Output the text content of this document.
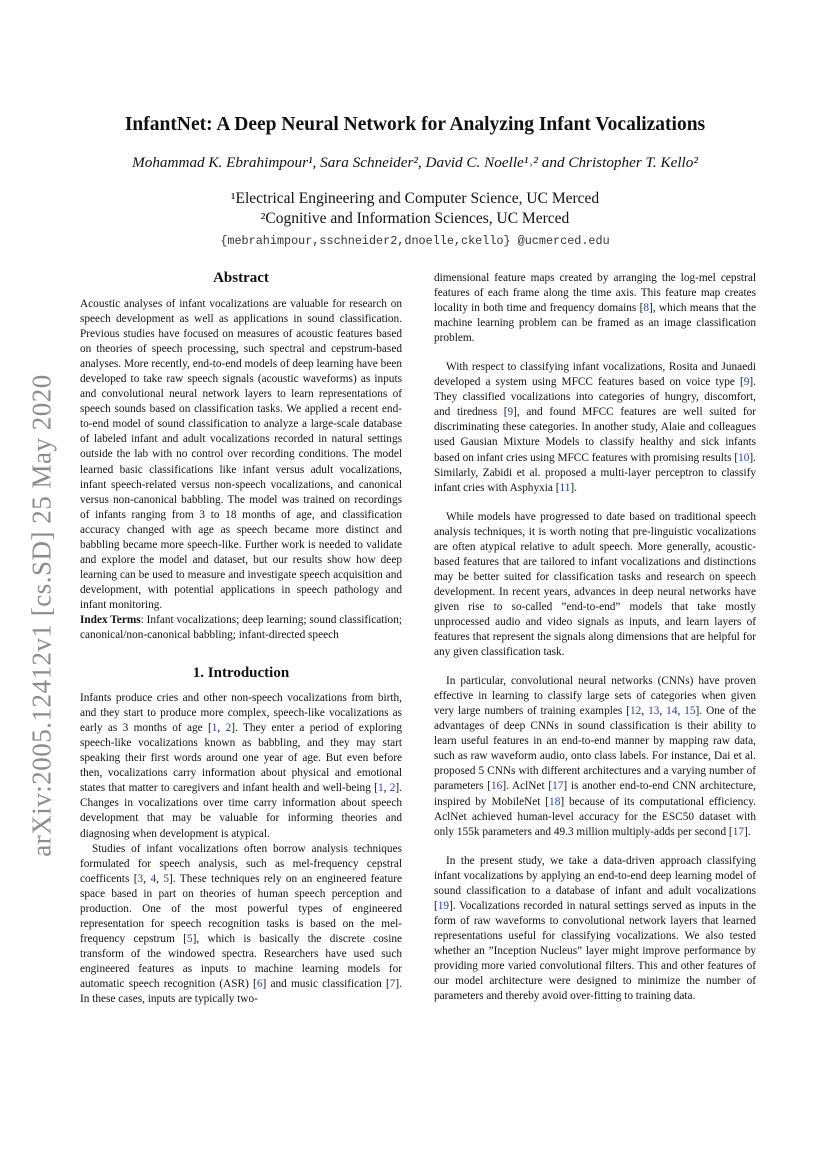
arXiv:2005.12412v1 [cs.SD] 25 May 2020
InfantNet: A Deep Neural Network for Analyzing Infant Vocalizations
Mohammad K. Ebrahimpour¹, Sara Schneider², David C. Noelle¹˒² and Christopher T. Kello²
¹Electrical Engineering and Computer Science, UC Merced
²Cognitive and Information Sciences, UC Merced
{mebrahimpour,sschneider2,dnoelle,ckello} @ucmerced.edu
Abstract

Acoustic analyses of infant vocalizations are valuable for research on speech development as well as applications in sound classification. Previous studies have focused on measures of acoustic features based on theories of speech processing, such spectral and cepstrum-based analyses. More recently, end-to-end models of deep learning have been developed to take raw speech signals (acoustic waveforms) as inputs and convolutional neural network layers to learn representations of speech sounds based on classification tasks. We applied a recent end-to-end model of sound classification to analyze a large-scale database of labeled infant and adult vocalizations recorded in natural settings outside the lab with no control over recording conditions. The model learned basic classifications like infant versus adult vocalizations, infant speech-related versus non-speech vocalizations, and canonical versus non-canonical babbling. The model was trained on recordings of infants ranging from 3 to 18 months of age, and classification accuracy changed with age as speech became more distinct and babbling became more speech-like. Further work is needed to validate and explore the model and dataset, but our results show how deep learning can be used to measure and investigate speech acquisition and development, with potential applications in speech pathology and infant monitoring.

Index Terms: Infant vocalizations; deep learning; sound classification; canonical/non-canonical babbling; infant-directed speech

1. Introduction

Infants produce cries and other non-speech vocalizations from birth, and they start to produce more complex, speech-like vocalizations as early as 3 months of age [1, 2]. They enter a period of exploring speech-like vocalizations known as babbling, and they may start speaking their first words around one year of age. But even before then, vocalizations carry information about physical and emotional states that matter to caregivers and infant health and well-being [1, 2]. Changes in vocalizations over time carry information about speech development that may be valuable for informing theories and diagnosing when development is atypical.

Studies of infant vocalizations often borrow analysis techniques formulated for speech analysis, such as mel-frequency cepstral coefficents [3, 4, 5]. These techniques rely on an engineered feature space based in part on theories of human speech perception and production. One of the most powerful types of engineered representation for speech recognition tasks is based on the mel-frequency cepstrum [5], which is basically the discrete cosine transform of the windowed spectra. Researchers have used such engineered features as inputs to machine learning models for automatic speech recognition (ASR) [6] and music classification [7]. In these cases, inputs are typically two-

dimensional feature maps created by arranging the log-mel cepstral features of each frame along the time axis. This feature map creates locality in both time and frequency domains [8], which means that the machine learning problem can be framed as an image classification problem.

With respect to classifying infant vocalizations, Rosita and Junaedi developed a system using MFCC features based on voice type [9]. They classified vocalizations into categories of hungry, discomfort, and tiredness [9], and found MFCC features are well suited for discriminating these categories. In another study, Alaie and colleagues used Gausian Mixture Models to classify healthy and sick infants based on infant cries using MFCC features with promising results [10]. Similarly, Zabidi et al. proposed a multi-layer perceptron to classify infant cries with Asphyxia [11].

While models have progressed to date based on traditional speech analysis techniques, it is worth noting that pre-linguistic vocalizations are often atypical relative to adult speech. More generally, acoustic-based features that are tailored to infant vocalizations and distinctions may be better suited for classification tasks and research on speech development. In recent years, advances in deep neural networks have given rise to so-called ”end-to-end” models that take mostly unprocessed audio and video signals as inputs, and learn layers of features that represent the signals along dimensions that are helpful for any given classification task.

In particular, convolutional neural networks (CNNs) have proven effective in learning to classify large sets of categories when given very large numbers of training examples [12, 13, 14, 15]. One of the advantages of deep CNNs in sound classification is their ability to learn useful features in an end-to-end manner by mapping raw data, such as raw waveform audio, onto class labels. For instance, Dai et al. proposed 5 CNNs with different architectures and a varying number of parameters [16]. AclNet [17] is another end-to-end CNN architecture, inspired by MobileNet [18] because of its computational efficiency. AclNet achieved human-level accuracy for the ESC50 dataset with only 155k parameters and 49.3 million multiply-adds per second [17].

In the present study, we take a data-driven approach classifying infant vocalizations by applying an end-to-end deep learning model of sound classification to a database of infant and adult vocalizations [19]. Vocalizations recorded in natural settings served as inputs in the form of raw waveforms to convolutional network layers that learned representations useful for classifying vocalizations. We also tested whether an ”Inception Nucleus” layer might improve performance by providing more varied convolutional filters. This and other features of our model architecture were designed to minimize the number of parameters and thereby avoid over-fitting to training data.
